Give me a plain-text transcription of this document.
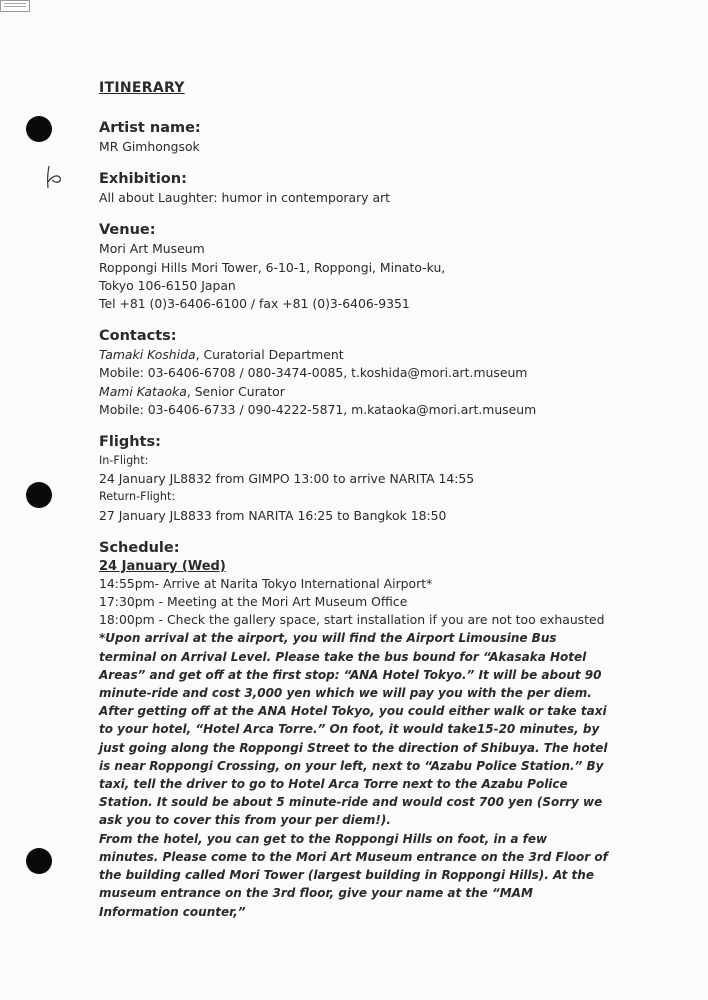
ITINERARY
Artist name:

MR Gimhongsok

Exhibition:

All about Laughter: humor in contemporary art

Venue:

Mori Art Museum

Roppongi Hills Mori Tower, 6-10-1, Roppongi, Minato-ku,

Tokyo 106-6150 Japan

Tel +81 (0)3-6406-6100 / fax +81 (0)3-6406-9351

Contacts:

Tamaki Koshida, Curatorial Department

Mobile: 03-6406-6708 / 080-3474-0085, t.koshida@mori.art.museum

Mami Kataoka, Senior Curator

Mobile: 03-6406-6733 / 090-4222-5871, m.kataoka@mori.art.museum

Flights:

In-Flight:

24 January JL8832 from GIMPO 13:00 to arrive NARITA 14:55

Return-Flight:

27 January JL8833 from NARITA 16:25 to Bangkok 18:50

Schedule:
24 January (Wed)

14:55pm- Arrive at Narita Tokyo International Airport*

17:30pm - Meeting at the Mori Art Museum Office

18:00pm - Check the gallery space, start installation if you are not too exhausted

*Upon arrival at the airport, you will find the Airport Limousine Bus terminal on Arrival Level. Please take the bus bound for “Akasaka Hotel Areas” and get off at the first stop: “ANA Hotel Tokyo.” It will be about 90 minute-ride and cost 3,000 yen which we will pay you with the per diem. After getting off at the ANA Hotel Tokyo, you could either walk or take taxi to your hotel, “Hotel Arca Torre.” On foot, it would take15-20 minutes, by just going along the Roppongi Street to the direction of Shibuya. The hotel is near Roppongi Crossing, on your left, next to “Azabu Police Station.” By taxi, tell the driver to go to Hotel Arca Torre next to the Azabu Police Station. It sould be about 5 minute-ride and would cost 700 yen (Sorry we ask you to cover this from your per diem!).

From the hotel, you can get to the Roppongi Hills on foot, in a few minutes. Please come to the Mori Art Museum entrance on the 3rd Floor of the building called Mori Tower (largest building in Roppongi Hills). At the museum entrance on the 3rd floor, give your name at the “MAM Information counter,”
